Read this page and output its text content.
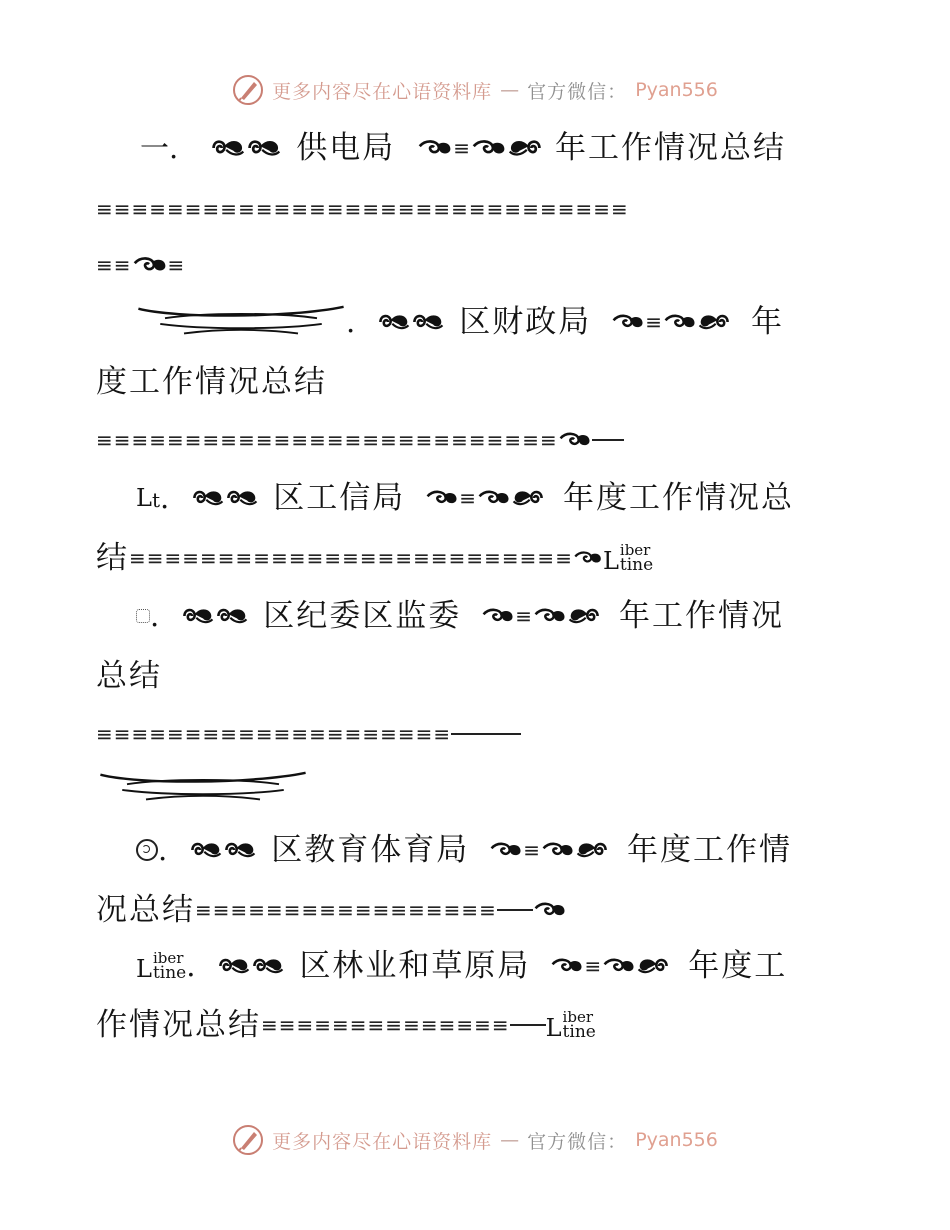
更多内容尽在心语资料库 — 官方微信： Pyan556
一.	供电局	≡	年工作情况总结
≡≡≡≡≡≡≡≡≡≡≡≡≡≡≡≡≡≡≡≡≡≡≡≡≡≡≡≡≡≡
≡≡ ≡
.	区财政局	≡	年
度工作情况总结
≡≡≡≡≡≡≡≡≡≡≡≡≡≡≡≡≡≡≡≡≡≡≡≡≡≡
L t .	区工信局	≡	年度工作情况总
结 ≡≡≡≡≡≡≡≡≡≡≡≡≡≡≡≡≡≡≡≡≡≡≡≡≡ L iber
tine
.	区纪委区监委	≡	年工作情况
总结
≡≡≡≡≡≡≡≡≡≡≡≡≡≡≡≡≡≡≡≡
.	区教育体育局	≡	年度工作情
况总结 ≡≡≡≡≡≡≡≡≡≡≡≡≡≡≡≡≡
L iber
tine .	区林业和草原局	≡	年度工
作情况总结 ≡≡≡≡≡≡≡≡≡≡≡≡≡≡ L iber
tine
更多内容尽在心语资料库 — 官方微信： Pyan556
